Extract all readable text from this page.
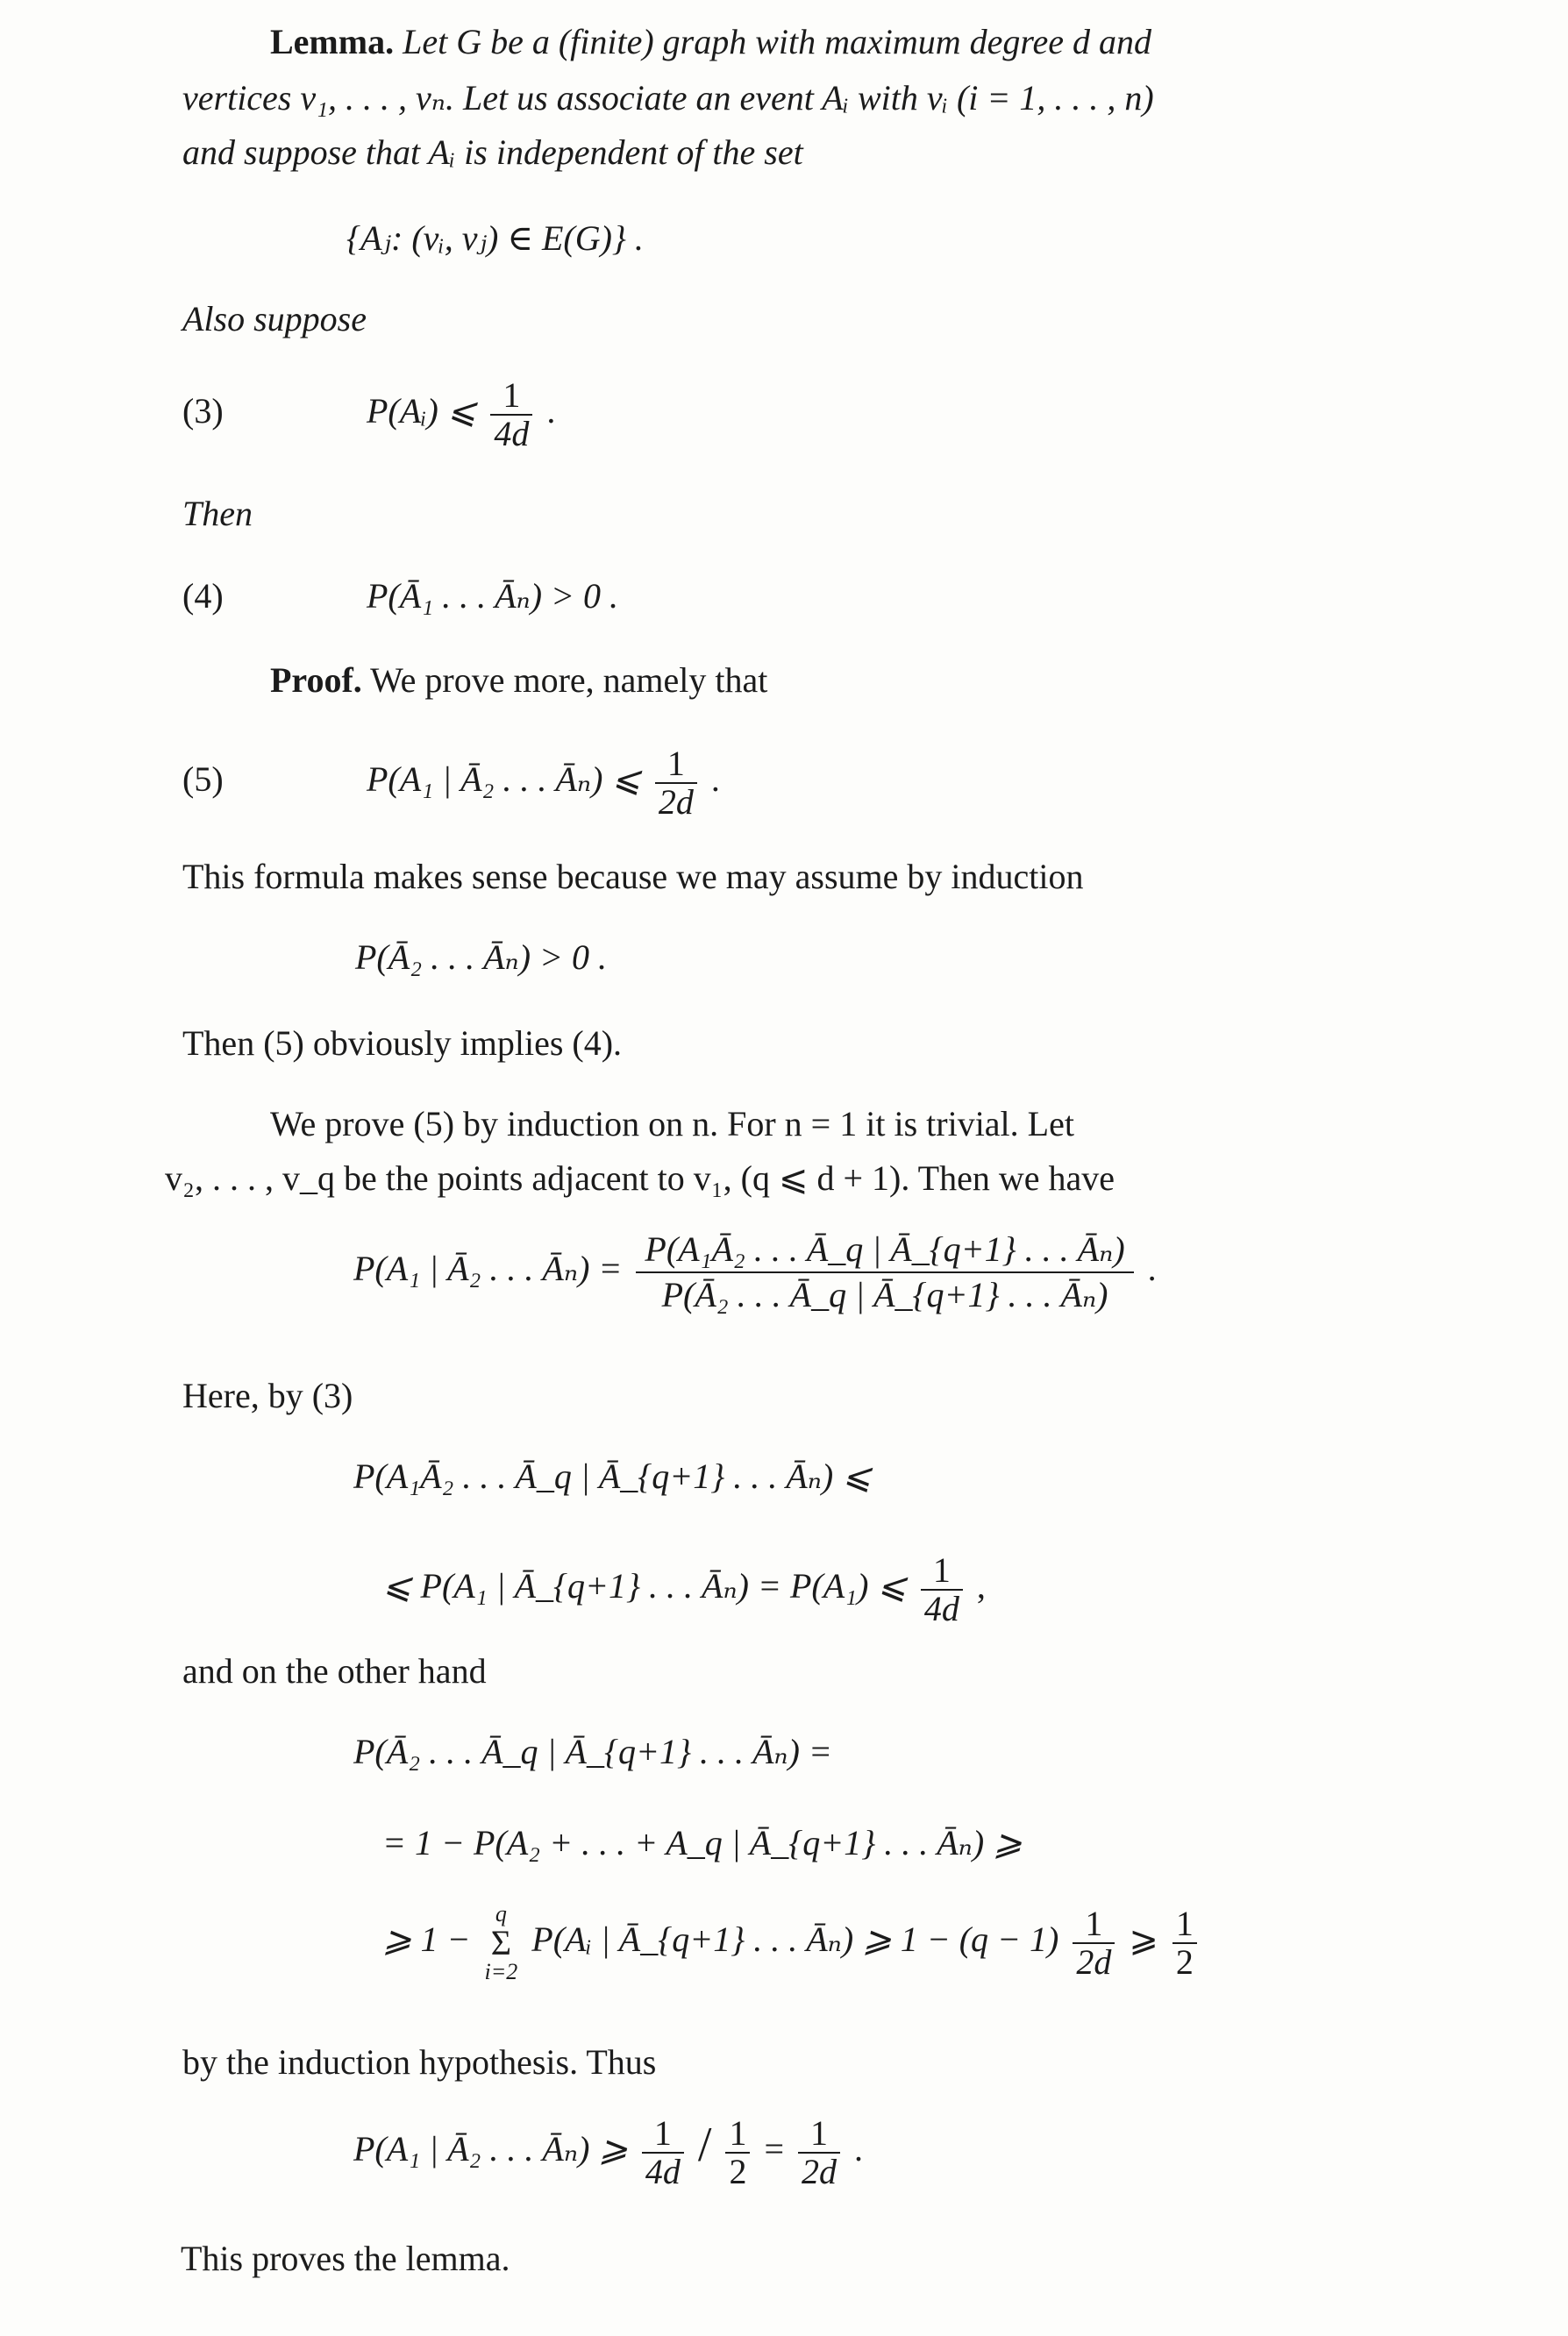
Lemma. Let G be a (finite) graph with maximum degree d and
vertices v₁, . . . , vₙ. Let us associate an event Aᵢ with vᵢ (i = 1, . . . , n)
and suppose that Aᵢ is independent of the set
{Aⱼ: (vᵢ, vⱼ) ∈ E(G)} .
Also suppose
(3)	P(Aᵢ) ⩽ $\frac{1}{4d}$ .
Then
(4)	P(Ā₁ . . . Āₙ) > 0 .
Proof. We prove more, namely that
(5)	P(A₁ | Ā₂ . . . Āₙ) ⩽ $\frac{1}{2d}$ .
This formula makes sense because we may assume by induction
P(Ā₂ . . . Āₙ) > 0 .
Then (5) obviously implies (4).
We prove (5) by induction on n. For n = 1 it is trivial. Let
v₂, . . . , v_q be the points adjacent to v₁, (q ⩽ d + 1). Then we have
P(A₁ | Ā₂ . . . Āₙ) = $\frac{\text{P(A₁Ā₂ . . . Ā\_q | Ā\_\{q+1\} . . . Āₙ)}}{\text{P(Ā₂ . . . Ā\_q | Ā\_\{q+1\} . . . Āₙ)}}$ .
Here, by (3)
P(A₁Ā₂ . . . Ā_q | Ā_{q+1} . . . Āₙ) ⩽
⩽ P(A₁ | Ā_{q+1} . . . Āₙ) = P(A₁) ⩽ $\frac{1}{4d}$ ,
and on the other hand
P(Ā₂ . . . Ā_q | Ā_{q+1} . . . Āₙ) =
= 1 − P(A₂ + . . . + A_q | Ā_{q+1} . . . Āₙ) ⩾
⩾ 1 −
q
Σ
i=2
P(Aᵢ | Ā_{q+1} . . . Āₙ) ⩾ $1 - (q - 1) \frac{1}{2d}$ ⩾ $\frac{1}{2}$
by the induction hypothesis. Thus
P(A₁ | Ā₂ . . . Āₙ) ⩾ $\frac{1}{4d} / \frac{1}{2} = \frac{1}{2d}$ .
This proves the lemma.
